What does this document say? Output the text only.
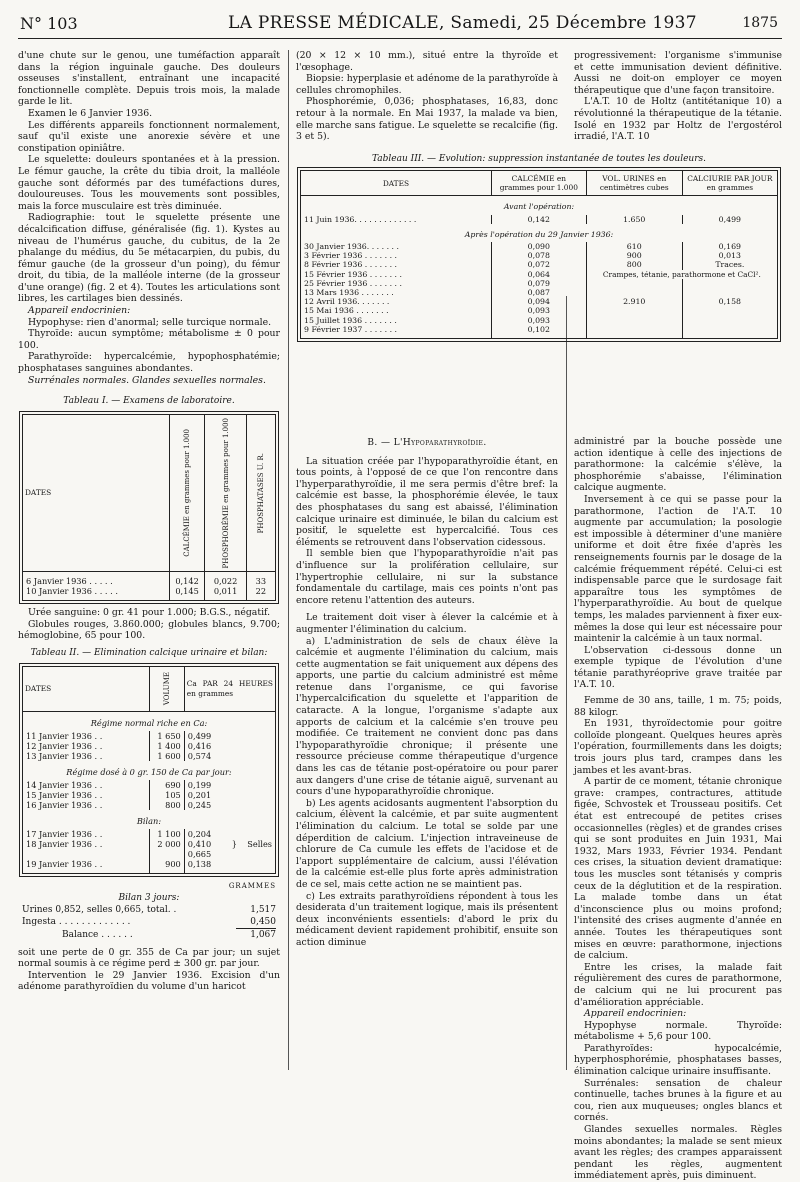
N° 103	LA PRESSE MÉDICALE, Samedi, 25 Décembre 1937	1875

d'une chute sur le genou, une tuméfaction apparaît dans la région inguinale gauche. Des douleurs osseuses s'installent, entraînant une incapacité fonctionnelle complète. Depuis trois mois, la malade garde le lit.

Examen le 6 Janvier 1936.

Les différents appareils fonctionnent normalement, sauf qu'il existe une anorexie sévère et une constipation opiniâtre.

Le squelette: douleurs spontanées et à la pression. Le fémur gauche, la crête du tibia droit, la malléole gauche sont déformés par des tuméfactions dures, douloureuses. Tous les mouvements sont possibles, mais la force musculaire est très diminuée.

Radiographie: tout le squelette présente une décalcification diffuse, généralisée (fig. 1). Kystes au niveau de l'humérus gauche, du cubitus, de la 2e phalange du médius, du 5e métacarpien, du pubis, du fémur gauche (de la grosseur d'un poing), du fémur droit, du tibia, de la malléole interne (de la grosseur d'une orange) (fig. 2 et 4). Toutes les articulations sont libres, les cartilages bien dessinés.

Appareil endocrinien:

Hypophyse: rien d'anormal; selle turcique normale.

Thyroïde: aucun symptôme; métabolisme ± 0 pour 100.

Parathyroïde: hypercalcémie, hypophosphatémie; phosphatases sanguines abondantes.

Surrénales normales. Glandes sexuelles normales.

Tableau I. — Examens de laboratoire.
DATES	CALCÉMIE en grammes pour 1.000	PHOSPHORÉMIE en grammes pour 1.000	PHOSPHATASES U. R.

6 Janvier 1936 . . . . .	0,142	0,022	33
10 Janvier 1936 . . . . .	0,145	0,011	22

Urée sanguine: 0 gr. 41 pour 1.000; B.G.S., négatif.

Globules rouges, 3.860.000; globules blancs, 9.700; hémoglobine, 65 pour 100.

Tableau II. — Elimination calcique urinaire et bilan:
DATES	VOLUME	Ca PAR 24 HEURES en grammes
Régime normal riche en Ca:		
11 Janvier 1936 . .	1 650	0,499
12 Janvier 1936 . .	1 400	0,416
13 Janvier 1936 . .	1 600	0,574
Régime dosé à 0 gr. 150 de Ca par jour:		
14 Janvier 1936 . .	690	0,199
15 Janvier 1936 . .	105	0,201
16 Janvier 1936 . .	800	0,245
Bilan:		
17 Janvier 1936 . .	1 100	0,204
18 Janvier 1936 . .	2 000	0,410  } Selles 0,665
19 Janvier 1936 . .	900	0,138
GRAMMES
Bilan 3 jours:
Urines 0,852, selles 0,665, total. .	1,517
Ingesta . . . . . . . . . . . . .	0,450
Balance . . . . . .	1,067

soit une perte de 0 gr. 355 de Ca par jour; un sujet normal soumis à ce régime perd ± 300 gr. par jour.

Intervention le 29 Janvier 1936. Excision d'un adénome parathyroïdien du volume d'un haricot

(20 × 12 × 10 mm.), situé entre la thyroïde et l'œsophage.

Biopsie: hyperplasie et adénome de la parathyroïde à cellules chromophiles.

Phosphorémie, 0,036; phosphatases, 16,83, donc retour à la normale. En Mai 1937, la malade va bien, elle marche sans fatigue. Le squelette se recalcifie (fig. 3 et 5).

progressivement: l'organisme s'immunise et cette immunisation devient définitive. Aussi ne doit-on employer ce moyen thérapeutique que d'une façon transitoire.

L'A.T. 10 de Holtz (antitétanique 10) a révolutionné la thérapeutique de la tétanie. Isolé en 1932 par Holtz de l'ergostérol irradié, l'A.T. 10

Tableau III. — Evolution: suppression instantanée de toutes les douleurs.
DATES	CALCÉMIE en grammes pour 1.000	VOL. URINES en centimètres cubes	CALCIURIE PAR JOUR en grammes
Avant l'opération:			
11 Juin 1936. . . . . . . . . . . . .	0,142	1.650	0,499
Après l'opération du 29 Janvier 1936:			
30 Janvier 1936. . . . . . .	0,090	610	0,169
3 Février 1936 . . . . . . .	0,078	900	0,013
8 Février 1936 . . . . . . .	0,072	800	Traces.
15 Février 1936 . . . . . . .	0,064	Crampes, tétanie, parathormone et CaCl².	
25 Février 1936 . . . . . . .	0,079		
13 Mars 1936 . . . . . . .	0,087		
12 Avril 1936. . . . . . .	0,094	2.910	0,158
15 Mai 1936 . . . . . . .	0,093		
15 Juillet 1936 . . . . . . .	0,093		
9 Février 1937 . . . . . . .	0,102		
B. — L'Hypoparathyroïdie.

La situation créée par l'hypoparathyroïdie étant, en tous points, à l'opposé de ce que l'on rencontre dans l'hyperparathyroïdie, il me sera permis d'être bref: la calcémie est basse, la phosphorémie élevée, le taux des phosphatases du sang est abaissé, l'élimination calcique urinaire est diminuée, le bilan du calcium est positif, le squelette est hypercalcifié. Tous ces éléments se retrouvent dans l'observation cidessous.

Il semble bien que l'hypoparathyroïdie n'ait pas d'influence sur la prolifération cellulaire, sur l'hypertrophie cellulaire, ni sur la substance fondamentale du cartilage, mais ces points n'ont pas encore retenu l'attention des auteurs.

Le traitement doit viser à élever la calcémie et à augmenter l'élimination du calcium.

a) L'administration de sels de chaux élève la calcémie et augmente l'élimination du calcium, mais cette augmentation se fait uniquement aux dépens des apports, une partie du calcium administré est même retenue dans l'organisme, ce qui favorise l'hypercalcification du squelette et l'apparition de cataracte. A la longue, l'organisme s'adapte aux apports de calcium et la calcémie s'en trouve peu modifiée. Ce traitement ne convient donc pas dans l'hypoparathyroïdie chronique; il présente une ressource précieuse comme thérapeutique d'urgence dans les cas de tétanie post-opératoire ou pour parer aux dangers d'une crise de tétanie aiguë, survenant au cours d'une hypoparathyroïdie chronique.

b) Les agents acidosants augmentent l'absorption du calcium, élèvent la calcémie, et par suite augmentent l'élimination du calcium. Le total se solde par une déperdition de calcium. L'injection intraveineuse de chlorure de Ca cumule les effets de l'acidose et de l'apport supplémentaire de calcium, aussi l'élévation de la calcémie est-elle plus forte après administration de ce sel, mais cette action ne se maintient pas.

c) Les extraits parathyroïdiens répondent à tous les desiderata d'un traitement logique, mais ils présentent deux inconvénients essentiels: d'abord le prix du médicament devient rapidement prohibitif, ensuite son action diminue

administré par la bouche possède une action identique à celle des injections de parathormone: la calcémie s'élève, la phosphorémie s'abaisse, l'élimination calcique augmente.

Inversement à ce qui se passe pour la parathormone, l'action de l'A.T. 10 augmente par accumulation; la posologie est impossible à déterminer d'une manière uniforme et doit être fixée d'après les renseignements fournis par le dosage de la calcémie fréquemment répété. Celui-ci est indispensable parce que le surdosage fait apparaître tous les symptômes de l'hyperparathyroïdie. Au bout de quelque temps, les malades parviennent à fixer eux-mêmes la dose qui leur est nécessaire pour maintenir la calcémie à un taux normal.

L'observation ci-dessous donne un exemple typique de l'évolution d'une tétanie parathyréoprive grave traitée par l'A.T. 10.

Femme de 30 ans, taille, 1 m. 75; poids, 88 kilogr.

En 1931, thyroïdectomie pour goitre colloïde plongeant. Quelques heures après l'opération, fourmillements dans les doigts; trois jours plus tard, crampes dans les jambes et les avant-bras.

A partir de ce moment, tétanie chronique grave: crampes, contractures, attitude figée, Schvostek et Trousseau positifs. Cet état est entrecoupé de petites crises occasionnelles (règles) et de grandes crises qui se sont produites en Juin 1931, Mai 1932, Mars 1933, Février 1934. Pendant ces crises, la situation devient dramatique: tous les muscles sont tétanisés y compris ceux de la déglutition et de la respiration. La malade tombe dans un état d'inconscience plus ou moins profond; l'intensité des crises augmente d'année en année. Toutes les thérapeutiques sont mises en œuvre: parathormone, injections de calcium.

Entre les crises, la malade fait régulièrement des cures de parathormone, de calcium qui ne lui procurent pas d'amélioration appréciable.

Appareil endocrinien:

Hypophyse normale. Thyroïde: métabolisme + 5,6 pour 100.

Parathyroïdes: hypocalcémie, hyperphosphorémie, phosphatases basses, élimination calcique urinaire insuffisante.

Surrénales: sensation de chaleur continuelle, taches brunes à la figure et au cou, rien aux muqueuses; ongles blancs et cornés.

Glandes sexuelles normales. Règles moins abondantes; la malade se sent mieux avant les règles; des crampes apparaissent pendant les règles, augmentent immédiatement après, puis diminuent.
